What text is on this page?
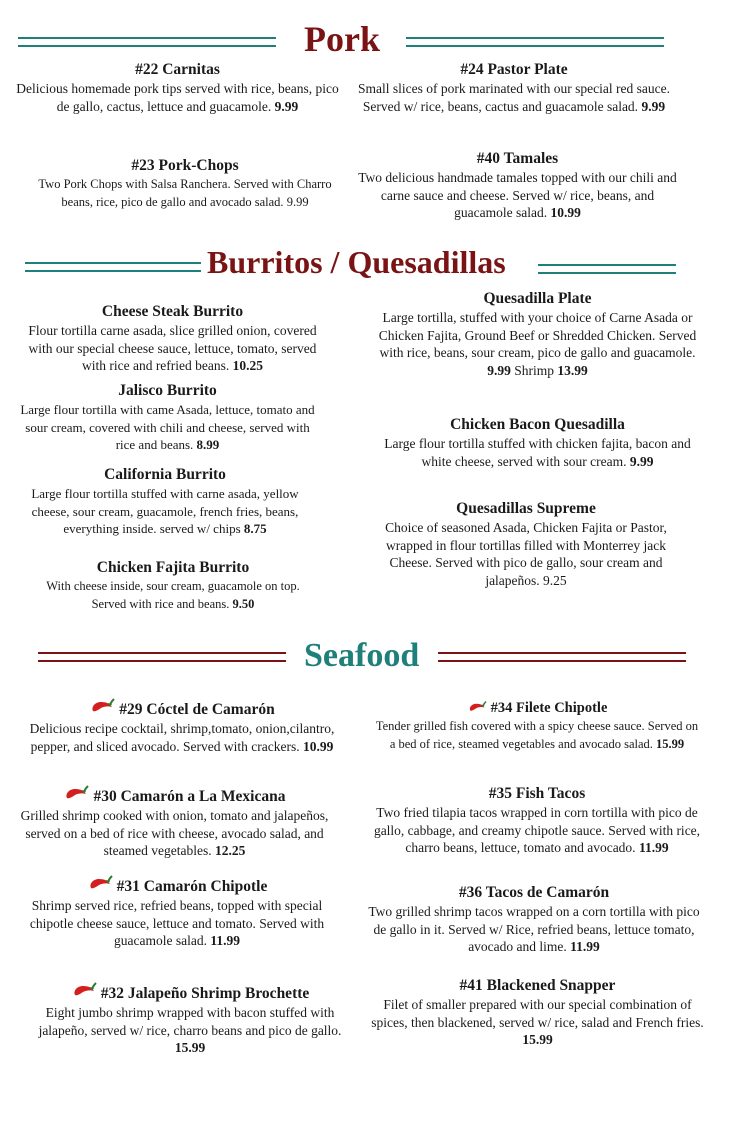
Pork
#22 Carnitas
Delicious homemade pork tips served with rice, beans, pico de gallo, cactus, lettuce and guacamole. 9.99
#24 Pastor Plate
Small slices of pork marinated with our special red sauce. Served w/ rice, beans, cactus and guacamole salad. 9.99
#23 Pork-Chops
Two Pork Chops with Salsa Ranchera. Served with Charro beans, rice, pico de gallo and avocado salad. 9.99
#40 Tamales
Two delicious handmade tamales topped with our chili and carne sauce and cheese. Served w/ rice, beans, and guacamole salad. 10.99
Burritos / Quesadillas
Cheese Steak Burrito
Flour tortilla carne asada, slice grilled onion, covered with our special cheese sauce, lettuce, tomato, served with rice and refried beans. 10.25
Jalisco Burrito
Large flour tortilla with came Asada, lettuce, tomato and sour cream, covered with chili and cheese, served with rice and beans. 8.99
California Burrito
Large flour tortilla stuffed with carne asada, yellow cheese, sour cream, guacamole, french fries, beans, everything inside. served w/ chips 8.75
Chicken Fajita Burrito
With cheese inside, sour cream, guacamole on top. Served with rice and beans. 9.50
Quesadilla Plate
Large tortilla, stuffed with your choice of Carne Asada or Chicken Fajita, Ground Beef or Shredded Chicken. Served with rice, beans, sour cream, pico de gallo and guacamole. 9.99 Shrimp 13.99
Chicken Bacon Quesadilla
Large flour tortilla stuffed with chicken fajita, bacon and white cheese, served with sour cream. 9.99
Quesadillas Supreme
Choice of seasoned Asada, Chicken Fajita or Pastor, wrapped in flour tortillas filled with Monterrey jack Cheese. Served with pico de gallo, sour cream and jalapeños. 9.25
Seafood
#29 Cóctel de Camarón
Delicious recipe cocktail, shrimp,tomato, onion,cilantro, pepper, and sliced avocado. Served with crackers. 10.99
#30 Camarón a La Mexicana
Grilled shrimp cooked with onion, tomato and jalapeños, served on a bed of rice with cheese, avocado salad, and steamed vegetables. 12.25
#31 Camarón Chipotle
Shrimp served rice, refried beans, topped with special chipotle cheese sauce, lettuce and tomato. Served with guacamole salad. 11.99
#32 Jalapeño Shrimp Brochette
Eight jumbo shrimp wrapped with bacon stuffed with jalapeño, served w/ rice, charro beans and pico de gallo. 15.99
#34 Filete Chipotle
Tender grilled fish covered with a spicy cheese sauce. Served on a bed of rice, steamed vegetables and avocado salad. 15.99
#35 Fish Tacos
Two fried tilapia tacos wrapped in corn tortilla with pico de gallo, cabbage, and creamy chipotle sauce. Served with rice, charro beans, lettuce, tomato and avocado. 11.99
#36 Tacos de Camarón
Two grilled shrimp tacos wrapped on a corn tortilla with pico de gallo in it. Served w/ Rice, refried beans, lettuce tomato, avocado and lime. 11.99
#41 Blackened Snapper
Filet of smaller prepared with our special combination of spices, then blackened, served w/ rice, salad and French fries. 15.99
